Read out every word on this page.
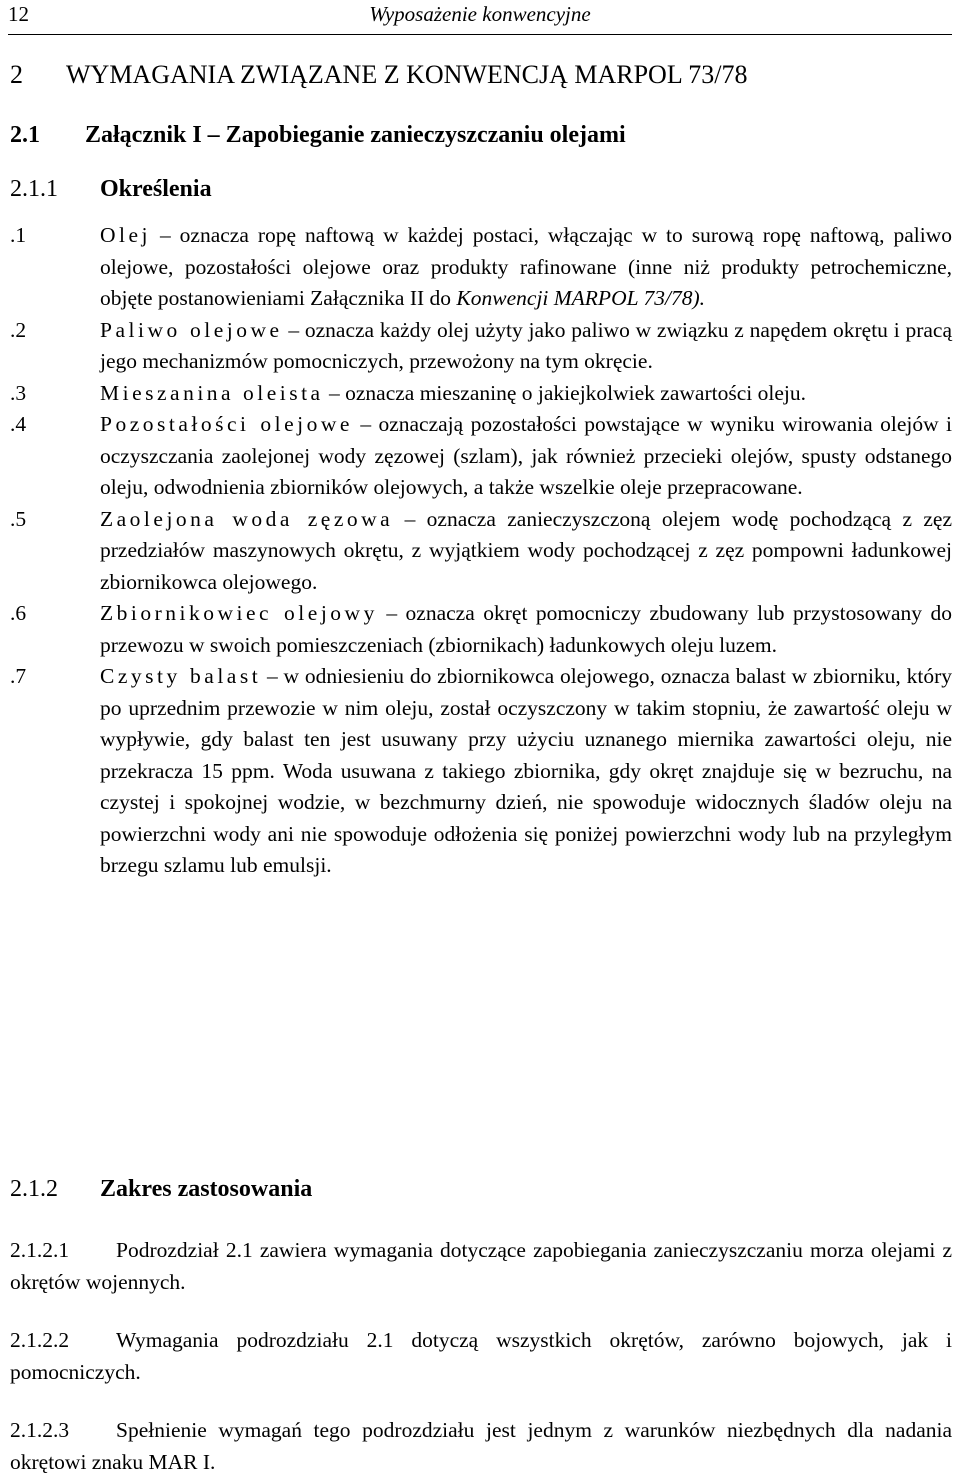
12	Wyposażenie konwencyjne
2 WYMAGANIA ZWIĄZANE Z KONWENCJĄ MARPOL 73/78
2.1 Załącznik I – Zapobieganie zanieczyszczaniu olejami
2.1.1 Określenia
.1	Olej – oznacza ropę naftową w każdej postaci, włączając w to surową ropę naftową, paliwo olejowe, pozostałości olejowe oraz produkty rafinowane (inne niż produkty petrochemiczne, objęte postanowieniami Załącznika II do Konwencji MARPOL 73/78).
.2	Paliwo olejowe – oznacza każdy olej użyty jako paliwo w związku z napędem okrętu i pracą jego mechanizmów pomocniczych, przewożony na tym okręcie.
.3	Mieszanina oleista – oznacza mieszaninę o jakiejkolwiek zawartości oleju.
.4	Pozostałości olejowe – oznaczają pozostałości powstające w wyniku wirowania olejów i oczyszczania zaolejonej wody zęzowej (szlam), jak również przecieki olejów, spusty odstanego oleju, odwodnienia zbiorników olejowych, a także wszelkie oleje przepracowane.
.5	Zaolejona woda zęzowa – oznacza zanieczyszczoną olejem wodę pochodzącą z zęz przedziałów maszynowych okrętu, z wyjątkiem wody pochodzącej z zęz pompowni ładunkowej zbiornikowca olejowego.
.6	Zbiornikowiec olejowy – oznacza okręt pomocniczy zbudowany lub przystosowany do przewozu w swoich pomieszczeniach (zbiornikach) ładunkowych oleju luzem.
.7	Czysty balast – w odniesieniu do zbiornikowca olejowego, oznacza balast w zbiorniku, który po uprzednim przewozie w nim oleju, został oczyszczony w takim stopniu, że zawartość oleju w wypływie, gdy balast ten jest usuwany przy użyciu uznanego miernika zawartości oleju, nie przekracza 15 ppm. Woda usuwana z takiego zbiornika, gdy okręt znajduje się w bezruchu, na czystej i spokojnej wodzie, w bezchmurny dzień, nie spowoduje widocznych śladów oleju na powierzchni wody ani nie spowoduje odłożenia się poniżej powierzchni wody lub na przyległym brzegu szlamu lub emulsji.
2.1.2 Zakres zastosowania
2.1.2.1 Podrozdział 2.1 zawiera wymagania dotyczące zapobiegania zanieczyszczaniu morza olejami z okrętów wojennych.
2.1.2.2 Wymagania podrozdziału 2.1 dotyczą wszystkich okrętów, zarówno bojowych, jak i pomocniczych.
2.1.2.3 Spełnienie wymagań tego podrozdziału jest jednym z warunków niezbędnych dla nadania okrętowi znaku MAR I.
